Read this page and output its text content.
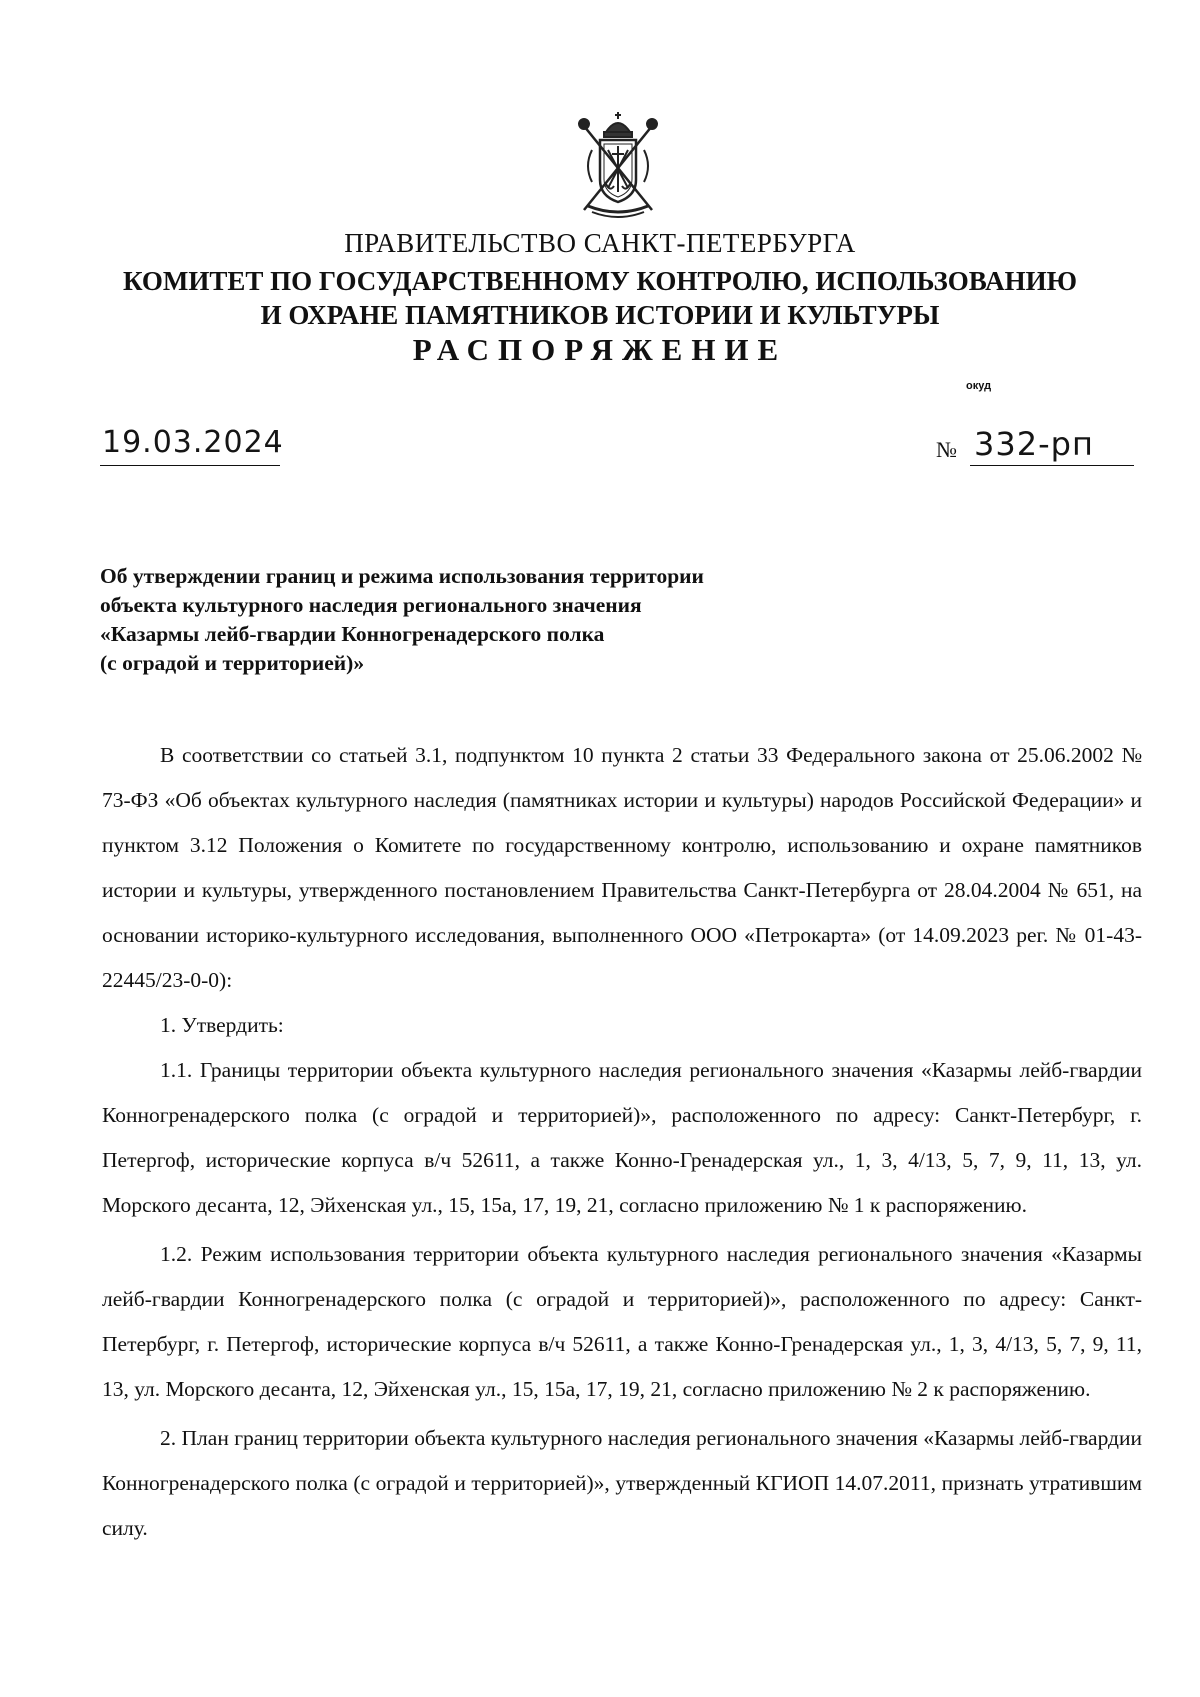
ПРАВИТЕЛЬСТВО САНКТ-ПЕТЕРБУРГА
КОМИТЕТ ПО ГОСУДАРСТВЕННОМУ КОНТРОЛЮ, ИСПОЛЬЗОВАНИЮ
И ОХРАНЕ ПАМЯТНИКОВ ИСТОРИИ И КУЛЬТУРЫ
РАСПОРЯЖЕНИЕ
окуд
19.03.2024	№ 332-рп
Об утверждении границ и режима использования территории
объекта культурного наследия регионального значения
«Казармы лейб-гвардии Конногренадерского полка
(с оградой и территорией)»

В соответствии со статьей 3.1, подпунктом 10 пункта 2 статьи 33 Федерального закона от 25.06.2002 № 73-ФЗ «Об объектах культурного наследия (памятниках истории и культуры) народов Российской Федерации» и пунктом 3.12 Положения о Комитете по государственному контролю, использованию и охране памятников истории и культуры, утвержденного постановлением Правительства Санкт-Петербурга от 28.04.2004 № 651, на основании историко-культурного исследования, выполненного ООО «Петрокарта» (от 14.09.2023 рег. № 01-43-22445/23-0-0):

1. Утвердить:

1.1. Границы территории объекта культурного наследия регионального значения «Казармы лейб-гвардии Конногренадерского полка (с оградой и территорией)», расположенного по адресу: Санкт-Петербург, г. Петергоф, исторические корпуса в/ч 52611, а также Конно-Гренадерская ул., 1, 3, 4/13, 5, 7, 9, 11, 13, ул. Морского десанта, 12, Эйхенская ул., 15, 15а, 17, 19, 21, согласно приложению № 1 к распоряжению.

1.2. Режим использования территории объекта культурного наследия регионального значения «Казармы лейб-гвардии Конногренадерского полка (с оградой и территорией)», расположенного по адресу: Санкт-Петербург, г. Петергоф, исторические корпуса в/ч 52611, а также Конно-Гренадерская ул., 1, 3, 4/13, 5, 7, 9, 11, 13, ул. Морского десанта, 12, Эйхенская ул., 15, 15а, 17, 19, 21, согласно приложению № 2 к распоряжению.

2. План границ территории объекта культурного наследия регионального значения «Казармы лейб-гвардии Конногренадерского полка (с оградой и территорией)», утвержденный КГИОП 14.07.2011, признать утратившим силу.
